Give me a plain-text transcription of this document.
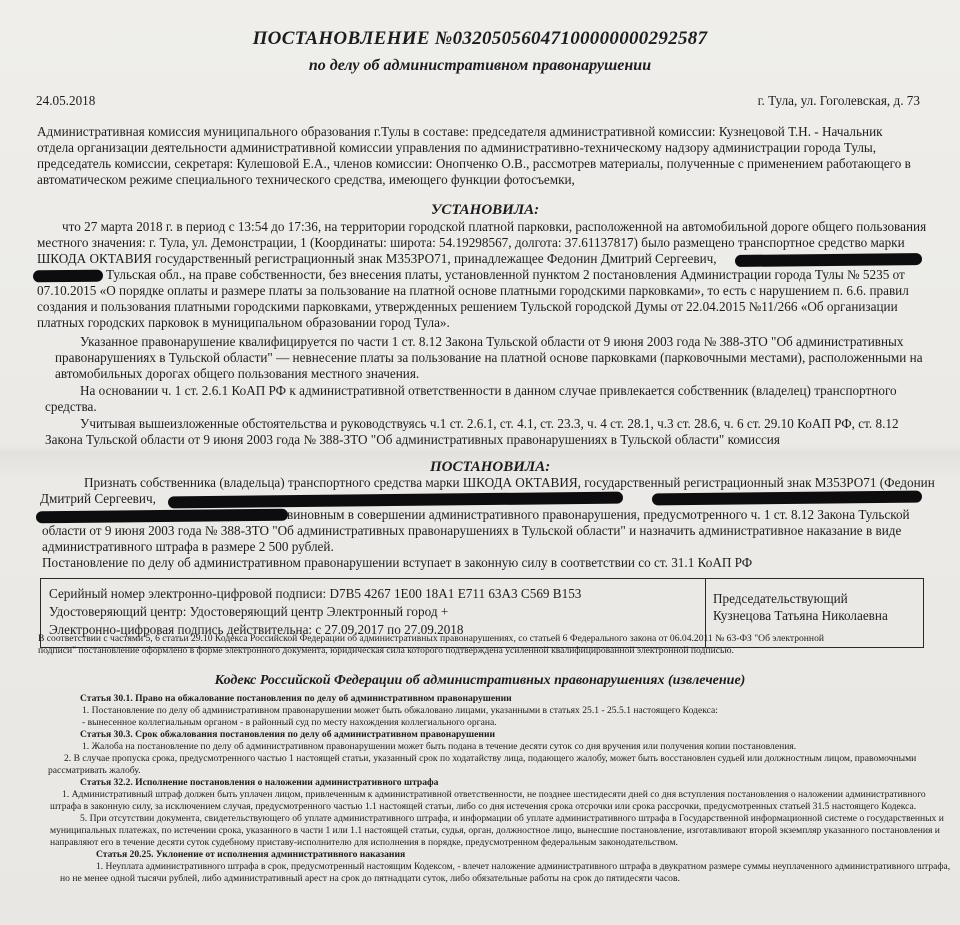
ПОСТАНОВЛЕНИЕ №03205056047100000000292587
по делу об административном правонарушении
24.05.2018	г. Тула, ул. Гоголевская, д. 73
Административная комиссия муниципального образования г.Тулы в составе: председателя административной комиссии: Кузнецовой Т.Н. - Начальник
отдела организации деятельности административной комиссии управления по административно-техническому надзору администрации города Тулы,
председатель комиссии, секретаря: Кулешовой Е.А., членов комиссии: Онопченко О.В., рассмотрев материалы, полученные с применением работающего в
автоматическом режиме специального технического средства, имеющего функции фотосъемки,
УСТАНОВИЛА:
что 27 марта 2018 г. в период с 13:54 до 17:36, на территории городской платной парковки, расположенной на автомобильной дороге общего пользования
местного значения: г. Тула, ул. Демонстрации, 1 (Координаты: широта: 54.19298567, долгота: 37.61137817) было размещено транспортное средство марки
ШКОДА ОКТАВИЯ государственный регистрационный знак М353РО71, принадлежащее Федонин Дмитрий Сергеевич,
Тульская обл., на праве собственности, без внесения платы, установленной пунктом 2 постановления Администрации города Тулы № 5235 от
07.10.2015 «О порядке оплаты и размере платы за пользование на платной основе платными городскими парковками», то есть с нарушением п. 6.6. правил
создания и пользования платными городскими парковками, утвержденных решением Тульской городской Думы от 22.04.2015 №11/266 «Об организации
платных городских парковок в муниципальном образовании город Тула».
Указанное правонарушение квалифицируется по части 1 ст. 8.12 Закона Тульской области от 9 июня 2003 года № 388-ЗТО "Об административных
правонарушениях в Тульской области" — невнесение платы за пользование на платной основе парковками (парковочными местами), расположенными на
автомобильных дорогах общего пользования местного значения.
На основании ч. 1 ст. 2.6.1 КоАП РФ к административной ответственности в данном случае привлекается собственник (владелец) транспортного
средства.
Учитывая вышеизложенные обстоятельства и руководствуясь ч.1 ст. 2.6.1, ст. 4.1, ст. 23.3, ч. 4 ст. 28.1, ч.3 ст. 28.6, ч. 6 ст. 29.10 КоАП РФ, ст. 8.12
Закона Тульской области от 9 июня 2003 года № 388-ЗТО "Об административных правонарушениях в Тульской области" комиссия
ПОСТАНОВИЛА:
Признать собственника (владельца) транспортного средства марки ШКОДА ОКТАВИЯ, государственный регистрационный знак М353РО71 (Федонин
Дмитрий Сергеевич,
виновным в совершении административного правонарушения, предусмотренного ч. 1 ст. 8.12 Закона Тульской
области от 9 июня 2003 года № 388-ЗТО "Об административных правонарушениях в Тульской области" и назначить административное наказание в виде
административного штрафа в размере 2 500 рублей.
Постановление по делу об административном правонарушении вступает в законную силу в соответствии со ст. 31.1 КоАП РФ
Серийный номер электронно-цифровой подписи: D7B5 4267 1E00 18A1 E711 63A3 C569 B153
Удостоверяющий центр: Удостоверяющий центр Электронный город +
Электронно-цифровая подпись действительна: с 27.09.2017 по 27.09.2018
Председательствующий
Кузнецова Татьяна Николаевна
В соответствии с частями 5, 6 статьи 29.10 Кодекса Российской Федерации об административных правонарушениях, со статьей 6 Федерального закона от 06.04.2011 № 63-ФЗ "Об электронной
подписи" постановление оформлено в форме электронного документа, юридическая сила которого подтверждена усиленной квалифицированной электронной подписью.
Кодекс Российской Федерации об административных правонарушениях (извлечение)
Статья 30.1. Право на обжалование постановления по делу об административном правонарушении
1. Постановление по делу об административном правонарушении может быть обжаловано лицами, указанными в статьях 25.1 - 25.5.1 настоящего Кодекса:
- вынесенное коллегиальным органом - в районный суд по месту нахождения коллегиального органа.
Статья 30.3. Срок обжалования постановления по делу об административном правонарушении
1. Жалоба на постановление по делу об административном правонарушении может быть подана в течение десяти суток со дня вручения или получения копии постановления.
2. В случае пропуска срока, предусмотренного частью 1 настоящей статьи, указанный срок по ходатайству лица, подающего жалобу, может быть восстановлен судьей или должностным лицом, правомочными
рассматривать жалобу.
Статья 32.2. Исполнение постановления о наложении административного штрафа
1. Административный штраф должен быть уплачен лицом, привлеченным к административной ответственности, не позднее шестидесяти дней со дня вступления постановления о наложении административного
штрафа в законную силу, за исключением случая, предусмотренного частью 1.1 настоящей статьи, либо со дня истечения срока отсрочки или срока рассрочки, предусмотренных статьей 31.5 настоящего Кодекса.
5. При отсутствии документа, свидетельствующего об уплате административного штрафа, и информации об уплате административного штрафа в Государственной информационной системе о государственных и
муниципальных платежах, по истечении срока, указанного в части 1 или 1.1 настоящей статьи, судья, орган, должностное лицо, вынесшие постановление, изготавливают второй экземпляр указанного постановления и
направляют его в течение десяти суток судебному приставу-исполнителю для исполнения в порядке, предусмотренном федеральным законодательством.
Статья 20.25. Уклонение от исполнения административного наказания
1. Неуплата административного штрафа в срок, предусмотренный настоящим Кодексом, - влечет наложение административного штрафа в двукратном размере суммы неуплаченного административного штрафа,
но не менее одной тысячи рублей, либо административный арест на срок до пятнадцати суток, либо обязательные работы на срок до пятидесяти часов.
